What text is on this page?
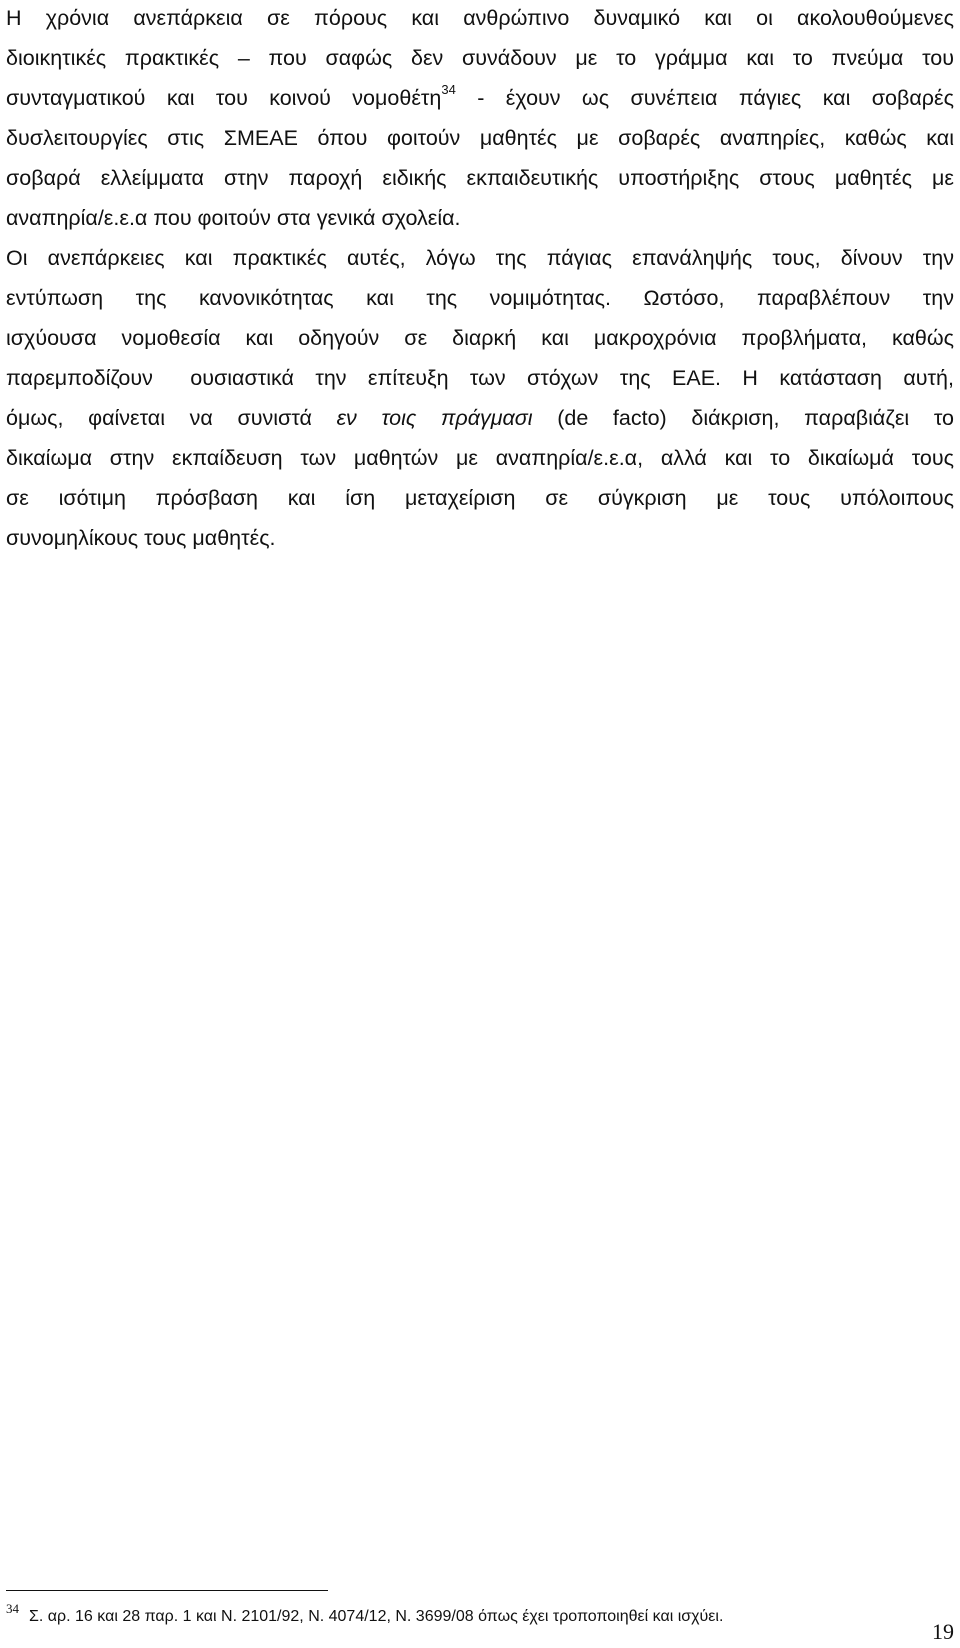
Η χρόνια ανεπάρκεια σε πόρους και ανθρώπινο δυναμικό και οι ακολουθούμενες
διοικητικές πρακτικές – που σαφώς δεν συνάδουν με το γράμμα και το πνεύμα του
συνταγματικού και του κοινού νομοθέτη$^{34}$ - έχουν ως συνέπεια πάγιες και σοβαρές
δυσλειτουργίες στις ΣΜΕΑΕ όπου φοιτούν μαθητές με σοβαρές αναπηρίες, καθώς και
σοβαρά ελλείμματα στην παροχή ειδικής εκπαιδευτικής υποστήριξης στους μαθητές με
αναπηρία/ε.ε.α που φοιτούν στα γενικά σχολεία.
Οι ανεπάρκειες και πρακτικές αυτές, λόγω της πάγιας επανάληψής τους, δίνουν την
εντύπωση της κανονικότητας και της νομιμότητας. Ωστόσο, παραβλέπουν την
ισχύουσα νομοθεσία και οδηγούν σε διαρκή και μακροχρόνια προβλήματα, καθώς
παρεμποδίζουν ουσιαστικά την επίτευξη των στόχων της ΕΑΕ. Η κατάσταση αυτή,
όμως, φαίνεται να συνιστά εν τοις πράγμασι (de facto) διάκριση, παραβιάζει το
δικαίωμα στην εκπαίδευση των μαθητών με αναπηρία/ε.ε.α, αλλά και το δικαίωμά τους
σε ισότιμη πρόσβαση και ίση μεταχείριση σε σύγκριση με τους υπόλοιπους
συνομηλίκους τους μαθητές.
$^{34}$ Σ. αρ. 16 και 28 παρ. 1 και Ν. 2101/92, Ν. 4074/12, Ν. 3699/08 όπως έχει τροποποιηθεί και ισχύει.
19
